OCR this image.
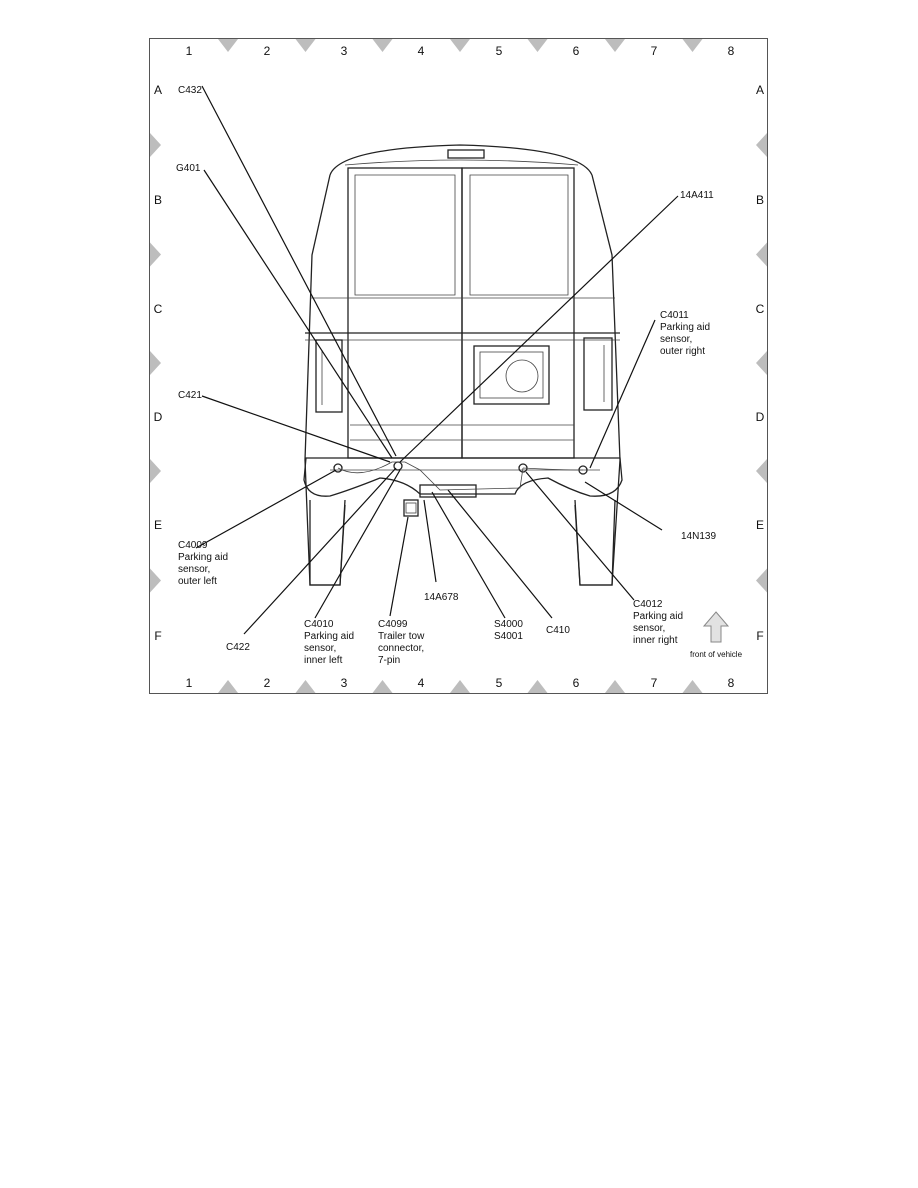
1	2	3	4	5	6	7	8
1	2	3	4	5	6	7	8
A
B
C
D
E
F
A
B
C
D
E
F
C432
G401
14A411
C421
14N139
C422
14A678
C410
C4011 Parking aid sensor, outer right
C4009 Parking aid sensor, outer left
C4010 Parking aid sensor, inner left
C4099 Trailer tow connector, 7-pin
S4000 S4001
C4012 Parking aid sensor, inner right
front of vehicle
